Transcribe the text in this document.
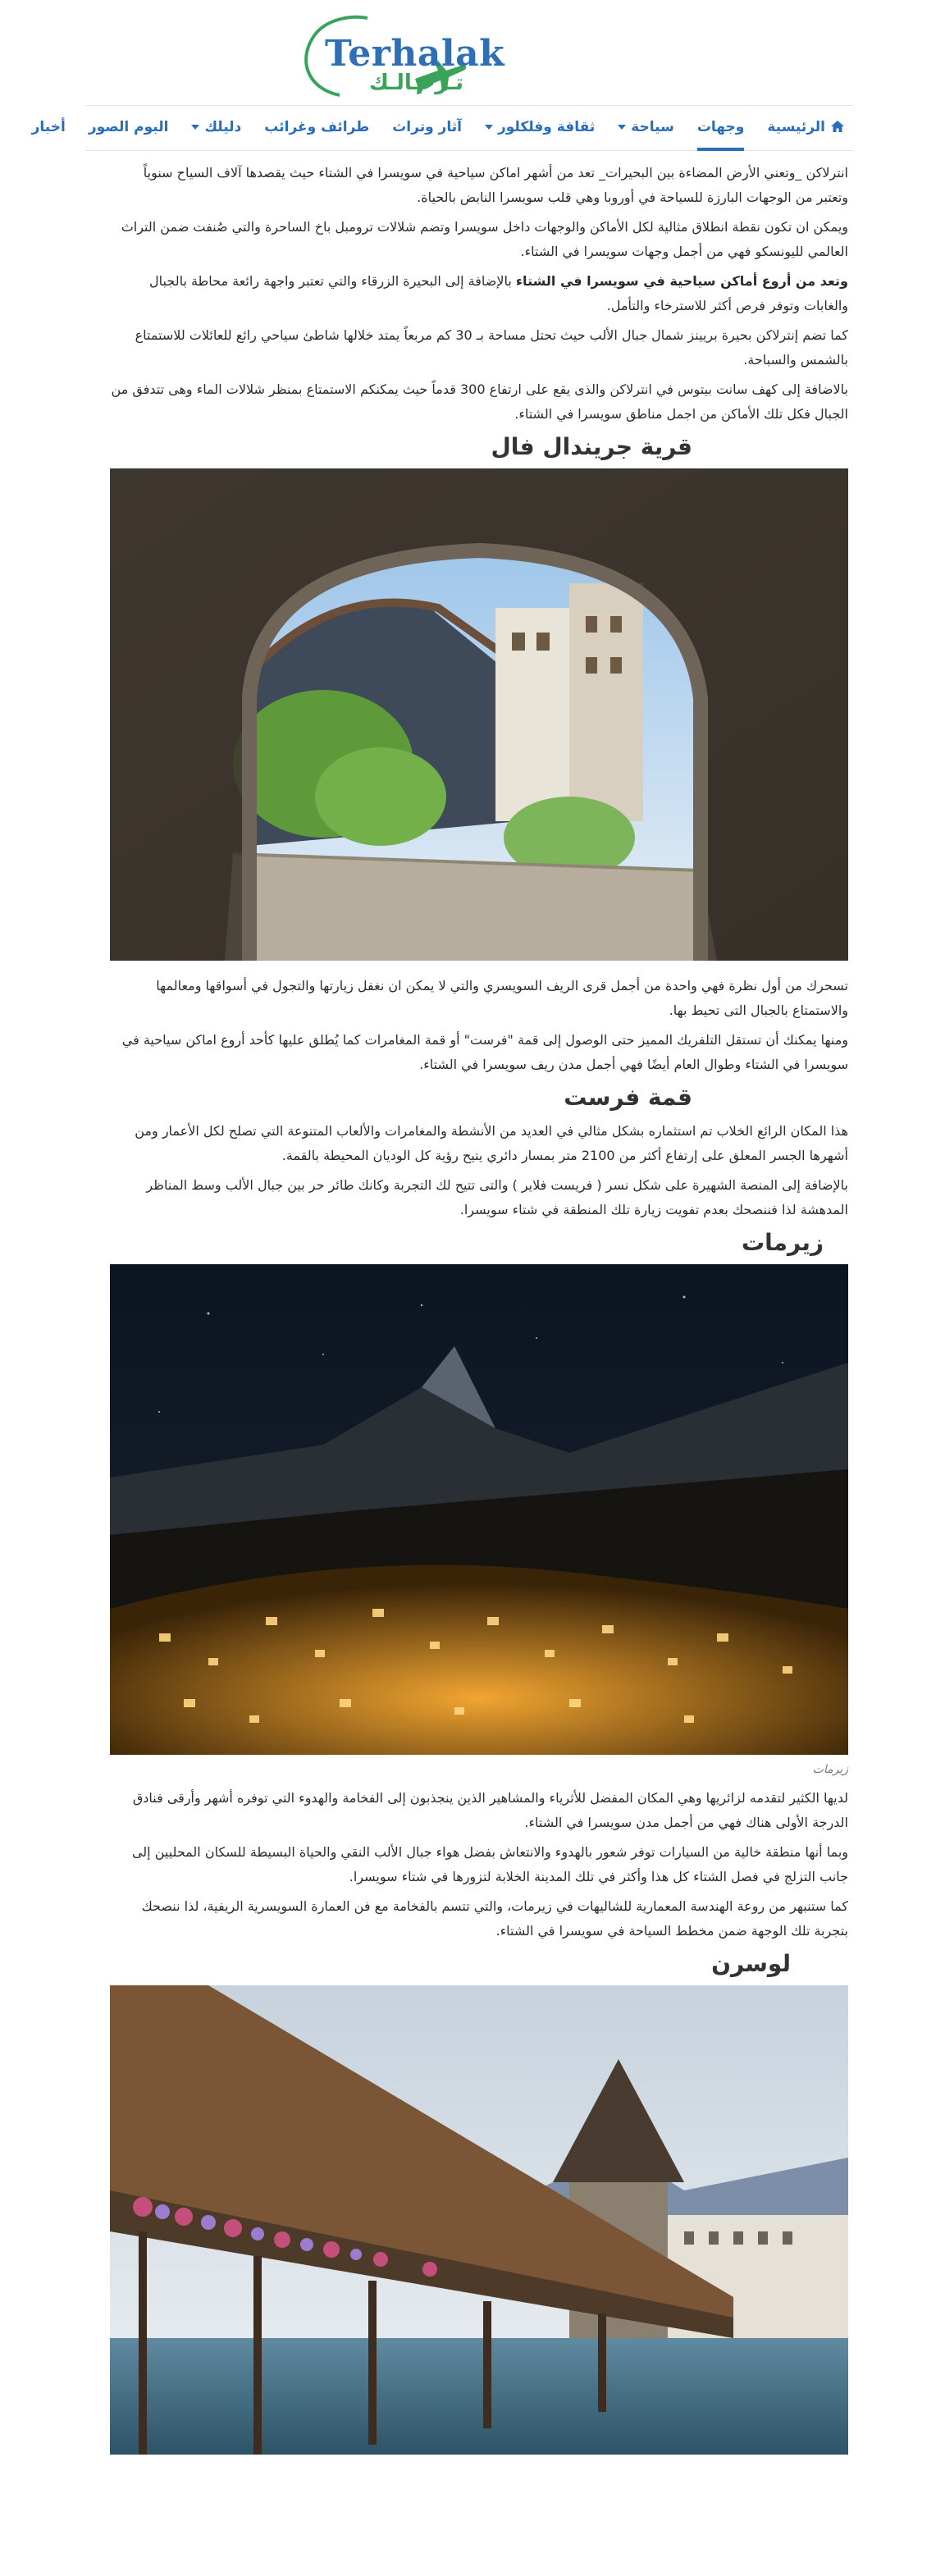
Terhalak
تـرحـالـك
الرئيسية
وجهات
سياحة
ثقافة وفلكلور
آثار وتراث
طرائف وغرائب
دليلك
البوم الصور
أخبار

انترلاكن _وتعني الأرض المضاءة بين البحيرات_ تعد من أشهر اماكن سياحية في سويسرا في الشتاء حيث يقصدها آلاف السياح سنوياً وتعتبر من الوجهات البارزة للسياحة في أوروبا وهي قلب سويسرا النابض بالحياة.

ويمكن ان تكون نقطة انطلاق مثالية لكل الأماكن والوجهات داخل سويسرا وتضم شلالات ترومبل باخ الساحرة والتي صُنفت ضمن التراث العالمي لليونسكو فهي من أجمل وجهات سويسرا في الشتاء.

وتعد من أروع أماكن سياحية في سويسرا في الشتاء بالإضافة إلى البحيرة الزرقاء والتي تعتبر واجهة رائعة محاطة بالجبال والغابات وتوفر فرص أكثر للاسترخاء والتأمل.

كما تضم إنترلاكن بحيرة بريينز شمال جبال الألب حيث تحتل مساحة بـ 30 كم مربعاً يمتد خلالها شاطئ سياحي رائع للعائلات للاستمتاع بالشمس والسباحة.

بالاضافة إلى كهف سانت بيتوس في انترلاكن والذى يقع على ارتفاع 300 قدماً حيث يمكنكم الاستمتاع بمنظر شلالات الماء وهى تتدفق من الجبال فكل تلك الأماكن من اجمل مناطق سويسرا في الشتاء.

قرية جريندال فال

تسحرك من أول نظرة فهي واحدة من أجمل قرى الريف السويسري والتي لا يمكن ان نغفل زيارتها والتجول في أسواقها ومعالمها والاستمتاع بالجبال التى تحيط بها.

ومنها يمكنك أن تستقل التلفريك المميز حتى الوصول إلى قمة "فرست" أو قمة المغامرات كما يُطلق عليها كأحد أروع اماكن سياحية في سويسرا في الشتاء وطوال العام أيضًا فهي أجمل مدن ريف سويسرا في الشتاء.

قمة فرست

هذا المكان الرائع الخلاب تم استثماره بشكل مثالي في العديد من الأنشطة والمغامرات والألعاب المتنوعة التي تصلح لكل الأعمار ومن أشهرها الجسر المعلق على إرتفاع أكثر من 2100 متر بمسار دائري يتيح رؤية كل الوديان المحيطة بالقمة.

بالإضافة إلى المنصة الشهيرة على شكل نسر ( فريست فلاير ) والتى تتيح لك التجربة وكانك طائر حر بين جبال الألب وسط المناظر المدهشة لذا فننصحك بعدم تفويت زيارة تلك المنطقة في شتاء سويسرا.

زيرمات
زيرمات

لديها الكثير لتقدمه لزائريها وهي المكان المفضل للأثرياء والمشاهير الذين ينجذبون إلى الفخامة والهدوء التي توفره أشهر وأرقى فنادق الدرجة الأولى هناك فهي من أجمل مدن سويسرا في الشتاء.

وبما أنها منطقة خالية من السيارات توفر شعور بالهدوء والانتعاش بفضل هواء جبال الألب النقي والحياة البسيطة للسكان المحليين إلى جانب التزلج في فصل الشتاء كل هذا وأكثر في تلك المدينة الخلابة لتزورها في شتاء سويسرا.

كما ستنبهر من روعة الهندسة المعمارية للشاليهات في زيرمات، والتي تتسم بالفخامة مع فن العمارة السويسرية الريفية، لذا ننصحك بتجربة تلك الوجهة ضمن مخطط السياحة في سويسرا في الشتاء.

لوسرن
